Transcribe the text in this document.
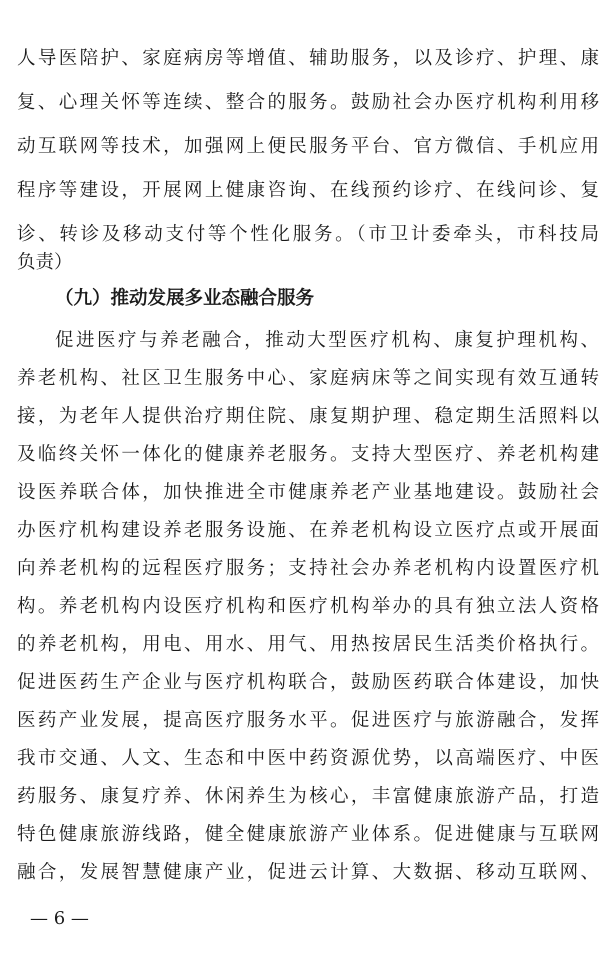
人导医陪护、家庭病房等增值、辅助服务，以及诊疗、护理、康
复、心理关怀等连续、整合的服务。鼓励社会办医疗机构利用移
动互联网等技术，加强网上便民服务平台、官方微信、手机应用
程序等建设，开展网上健康咨询、在线预约诊疗、在线问诊、复
诊、转诊及移动支付等个性化服务。（市卫计委牵头，市科技局
负责）
（九）推动发展多业态融合服务
促进医疗与养老融合，推动大型医疗机构、康复护理机构、
养老机构、社区卫生服务中心、家庭病床等之间实现有效互通转
接，为老年人提供治疗期住院、康复期护理、稳定期生活照料以
及临终关怀一体化的健康养老服务。支持大型医疗、养老机构建
设医养联合体，加快推进全市健康养老产业基地建设。鼓励社会
办医疗机构建设养老服务设施、在养老机构设立医疗点或开展面
向养老机构的远程医疗服务；支持社会办养老机构内设置医疗机
构。养老机构内设医疗机构和医疗机构举办的具有独立法人资格
的养老机构，用电、用水、用气、用热按居民生活类价格执行。
促进医药生产企业与医疗机构联合，鼓励医药联合体建设，加快
医药产业发展，提高医疗服务水平。促进医疗与旅游融合，发挥
我市交通、人文、生态和中医中药资源优势，以高端医疗、中医
药服务、康复疗养、休闲养生为核心，丰富健康旅游产品，打造
特色健康旅游线路，健全健康旅游产业体系。促进健康与互联网
融合，发展智慧健康产业，促进云计算、大数据、移动互联网、
— 6 —
